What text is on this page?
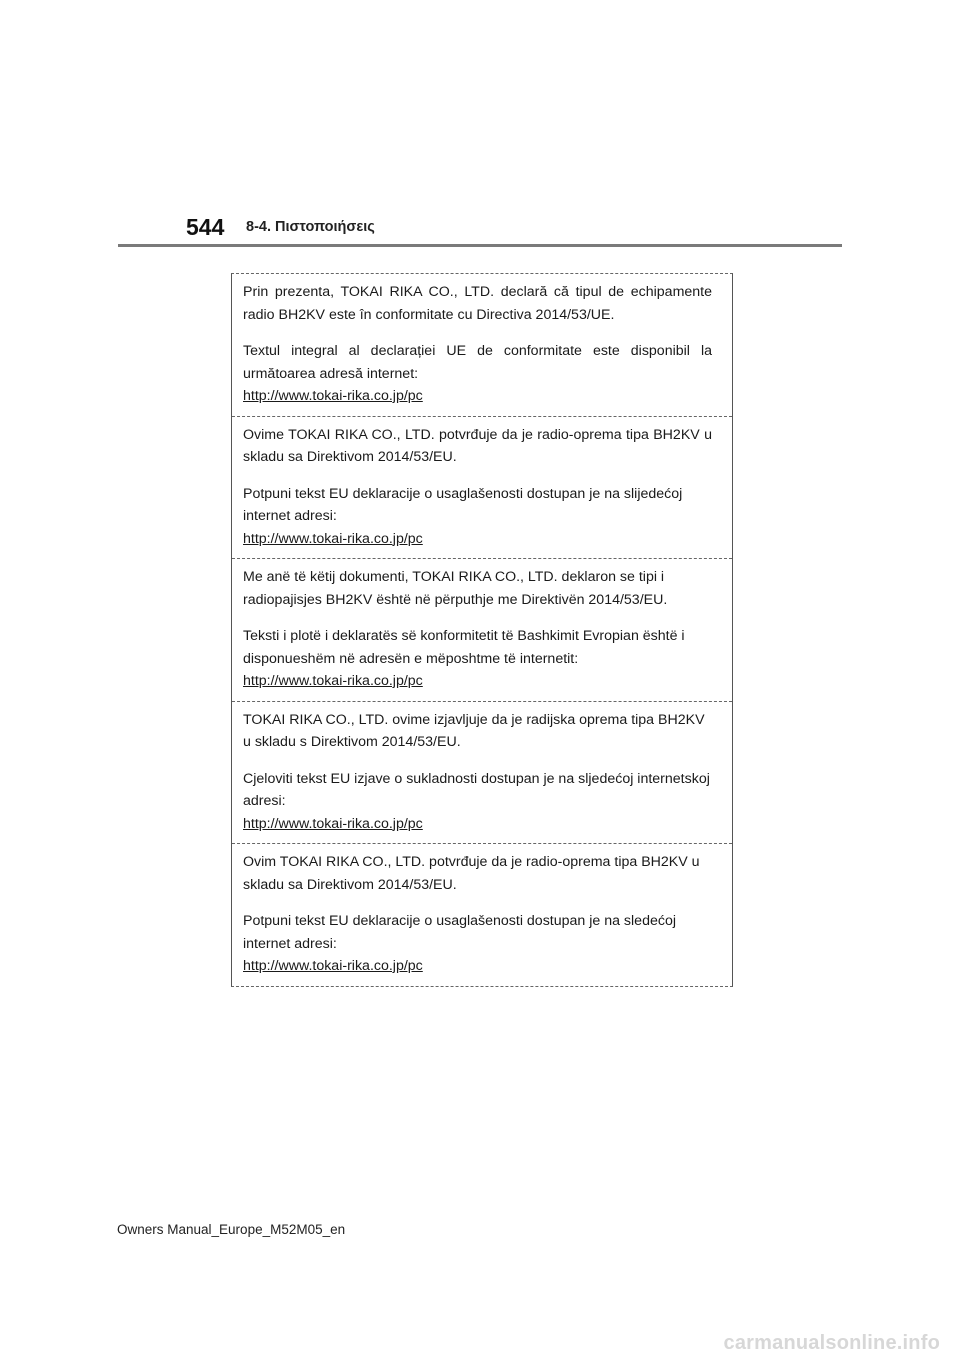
544 8-4. Πιστοποιήσεις

Prin prezenta, TOKAI RIKA CO., LTD. declară că tipul de echipamente radio BH2KV este în conformitate cu Directiva 2014/53/UE.

Textul integral al declarației UE de conformitate este disponibil la următoarea adresă internet:

http://www.tokai-rika.co.jp/pc

Ovime TOKAI RIKA CO., LTD. potvrđuje da je radio-oprema tipa BH2KV u skladu sa Direktivom 2014/53/EU.

Potpuni tekst EU deklaracije o usaglašenosti dostupan je na slijedećoj internet adresi:

http://www.tokai-rika.co.jp/pc

Me anë të këtij dokumenti, TOKAI RIKA CO., LTD. deklaron se tipi i radiopajisjes BH2KV është në përputhje me Direktivën 2014/53/EU.

Teksti i plotë i deklaratës së konformitetit të Bashkimit Evropian është i disponueshëm në adresën e mëposhtme të internetit:

http://www.tokai-rika.co.jp/pc

TOKAI RIKA CO., LTD. ovime izjavljuje da je radijska oprema tipa BH2KV u skladu s Direktivom 2014/53/EU.

Cjeloviti tekst EU izjave o sukladnosti dostupan je na sljedećoj internetskoj adresi:

http://www.tokai-rika.co.jp/pc

Ovim TOKAI RIKA CO., LTD. potvrđuje da je radio-oprema tipa BH2KV u skladu sa Direktivom 2014/53/EU.

Potpuni tekst EU deklaracije o usaglašenosti dostupan je na sledećoj internet adresi:

http://www.tokai-rika.co.jp/pc
Owners Manual_Europe_M52M05_en
carmanualsonline.info
